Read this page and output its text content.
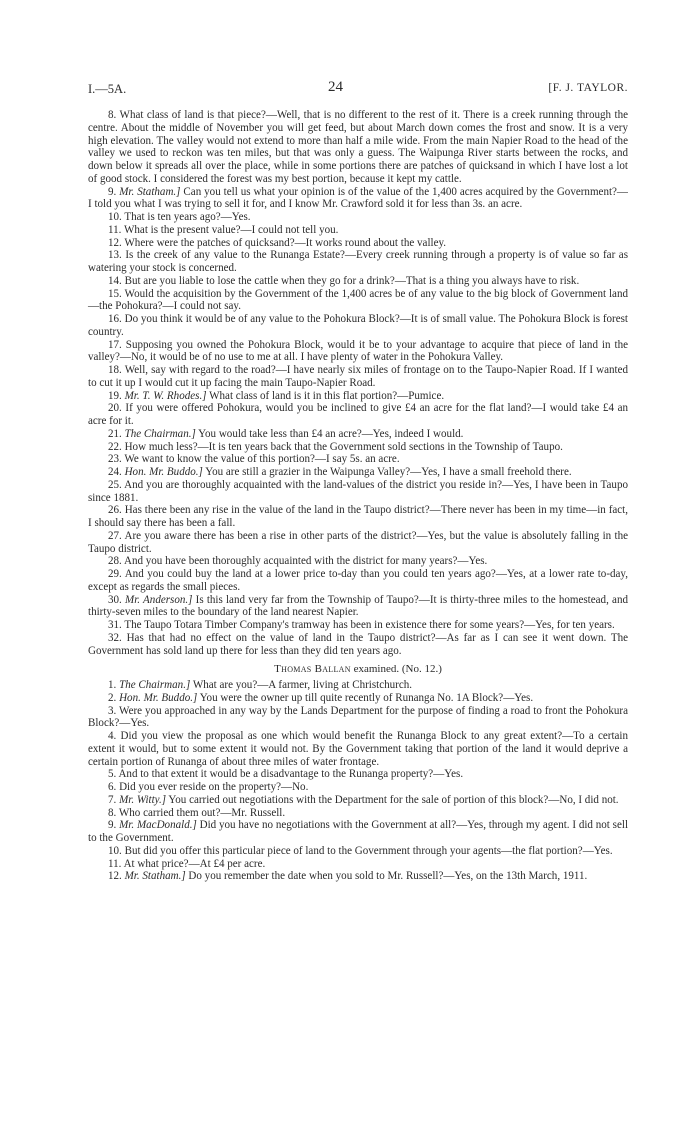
I.—5A.	24	[F. J. TAYLOR.

8. What class of land is that piece?—Well, that is no different to the rest of it. There is a creek running through the centre. About the middle of November you will get feed, but about March down comes the frost and snow. It is a very high elevation. The valley would not extend to more than half a mile wide. From the main Napier Road to the head of the valley we used to reckon was ten miles, but that was only a guess. The Waipunga River starts between the rocks, and down below it spreads all over the place, while in some portions there are patches of quicksand in which I have lost a lot of good stock. I considered the forest was my best portion, because it kept my cattle.

9. Mr. Statham.] Can you tell us what your opinion is of the value of the 1,400 acres acquired by the Government?—I told you what I was trying to sell it for, and I know Mr. Crawford sold it for less than 3s. an acre.

10. That is ten years ago?—Yes.

11. What is the present value?—I could not tell you.

12. Where were the patches of quicksand?—It works round about the valley.

13. Is the creek of any value to the Runanga Estate?—Every creek running through a property is of value so far as watering your stock is concerned.

14. But are you liable to lose the cattle when they go for a drink?—That is a thing you always have to risk.

15. Would the acquisition by the Government of the 1,400 acres be of any value to the big block of Government land—the Pohokura?—I could not say.

16. Do you think it would be of any value to the Pohokura Block?—It is of small value. The Pohokura Block is forest country.

17. Supposing you owned the Pohokura Block, would it be to your advantage to acquire that piece of land in the valley?—No, it would be of no use to me at all. I have plenty of water in the Pohokura Valley.

18. Well, say with regard to the road?—I have nearly six miles of frontage on to the Taupo-Napier Road. If I wanted to cut it up I would cut it up facing the main Taupo-Napier Road.

19. Mr. T. W. Rhodes.] What class of land is it in this flat portion?—Pumice.

20. If you were offered Pohokura, would you be inclined to give £4 an acre for the flat land?—I would take £4 an acre for it.

21. The Chairman.] You would take less than £4 an acre?—Yes, indeed I would.

22. How much less?—It is ten years back that the Government sold sections in the Township of Taupo.

23. We want to know the value of this portion?—I say 5s. an acre.

24. Hon. Mr. Buddo.] You are still a grazier in the Waipunga Valley?—Yes, I have a small freehold there.

25. And you are thoroughly acquainted with the land-values of the district you reside in?—Yes, I have been in Taupo since 1881.

26. Has there been any rise in the value of the land in the Taupo district?—There never has been in my time—in fact, I should say there has been a fall.

27. Are you aware there has been a rise in other parts of the district?—Yes, but the value is absolutely falling in the Taupo district.

28. And you have been thoroughly acquainted with the district for many years?—Yes.

29. And you could buy the land at a lower price to-day than you could ten years ago?—Yes, at a lower rate to-day, except as regards the small pieces.

30. Mr. Anderson.] Is this land very far from the Township of Taupo?—It is thirty-three miles to the homestead, and thirty-seven miles to the boundary of the land nearest Napier.

31. The Taupo Totara Timber Company's tramway has been in existence there for some years?—Yes, for ten years.

32. Has that had no effect on the value of land in the Taupo district?—As far as I can see it went down. The Government has sold land up there for less than they did ten years ago.

Thomas Ballan examined. (No. 12.)

1. The Chairman.] What are you?—A farmer, living at Christchurch.

2. Hon. Mr. Buddo.] You were the owner up till quite recently of Runanga No. 1A Block?—Yes.

3. Were you approached in any way by the Lands Department for the purpose of finding a road to front the Pohokura Block?—Yes.

4. Did you view the proposal as one which would benefit the Runanga Block to any great extent?—To a certain extent it would, but to some extent it would not. By the Government taking that portion of the land it would deprive a certain portion of Runanga of about three miles of water frontage.

5. And to that extent it would be a disadvantage to the Runanga property?—Yes.

6. Did you ever reside on the property?—No.

7. Mr. Witty.] You carried out negotiations with the Department for the sale of portion of this block?—No, I did not.

8. Who carried them out?—Mr. Russell.

9. Mr. MacDonald.] Did you have no negotiations with the Government at all?—Yes, through my agent. I did not sell to the Government.

10. But did you offer this particular piece of land to the Government through your agents—the flat portion?—Yes.

11. At what price?—At £4 per acre.

12. Mr. Statham.] Do you remember the date when you sold to Mr. Russell?—Yes, on the 13th March, 1911.
